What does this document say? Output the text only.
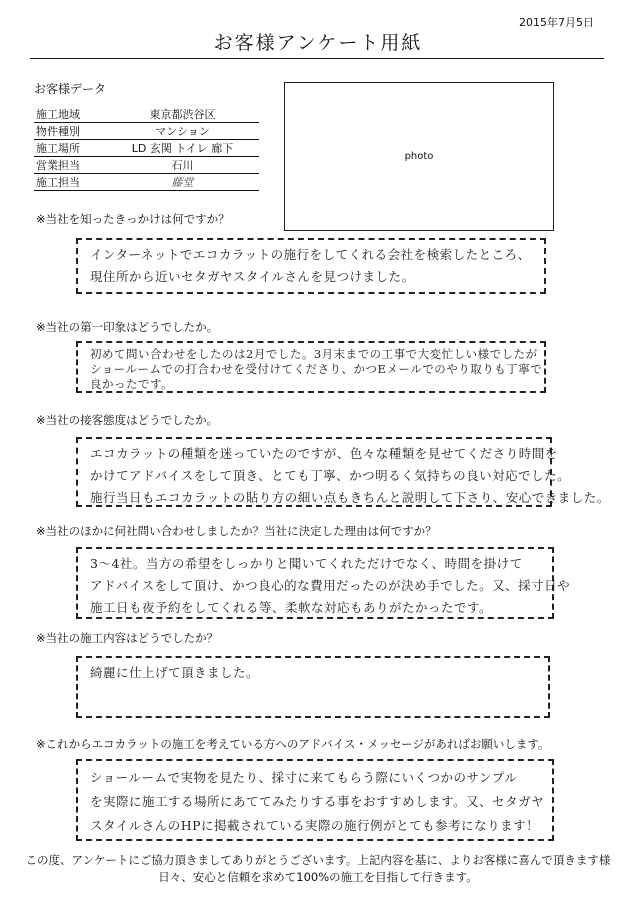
2015年7月5日
お客様アンケート用紙
お客様データ
施工地域	東京都渋谷区
物件種別	マンション
施工場所	LD 玄関 トイレ 廊下
営業担当	石川
施工担当	藤堂
photo
※当社を知ったきっかけは何ですか？
インターネットでエコカラットの施行をしてくれる会社を検索したところ、
現住所から近いセタガヤスタイルさんを見つけました。
※当社の第一印象はどうでしたか。
初めて問い合わせをしたのは2月でした。3月末までの工事で大変忙しい様でしたが
ショールームでの打合わせを受付けてくださり、かつEメールでのやり取りも丁寧で
良かったです。
※当社の接客態度はどうでしたか。
エコカラットの種類を迷っていたのですが、色々な種類を見せてくださり時間を
かけてアドバイスをして頂き、とても丁寧、かつ明るく気持ちの良い対応でした。
施行当日もエコカラットの貼り方の細い点もきちんと説明して下さり、安心できました。
※当社のほかに何社問い合わせしましたか？当社に決定した理由は何ですか？
3～4社。当方の希望をしっかりと聞いてくれただけでなく、時間を掛けて
アドバイスをして頂け、かつ良心的な費用だったのが決め手でした。又、採寸日や
施工日も夜予約をしてくれる等、柔軟な対応もありがたかったです。
※当社の施工内容はどうでしたか？
綺麗に仕上げて頂きました。
※これからエコカラットの施工を考えている方へのアドバイス・メッセージがあればお願いします。
ショールームで実物を見たり、採寸に来てもらう際にいくつかのサンプル
を実際に施工する場所にあててみたりする事をおすすめします。又、セタガヤ
スタイルさんのHPに掲載されている実際の施行例がとても参考になります！
この度、アンケートにご協力頂きましてありがとうございます。上記内容を基に、よりお客様に喜んで頂きます様
日々、安心と信頼を求めて100%の施工を目指して行きます。
